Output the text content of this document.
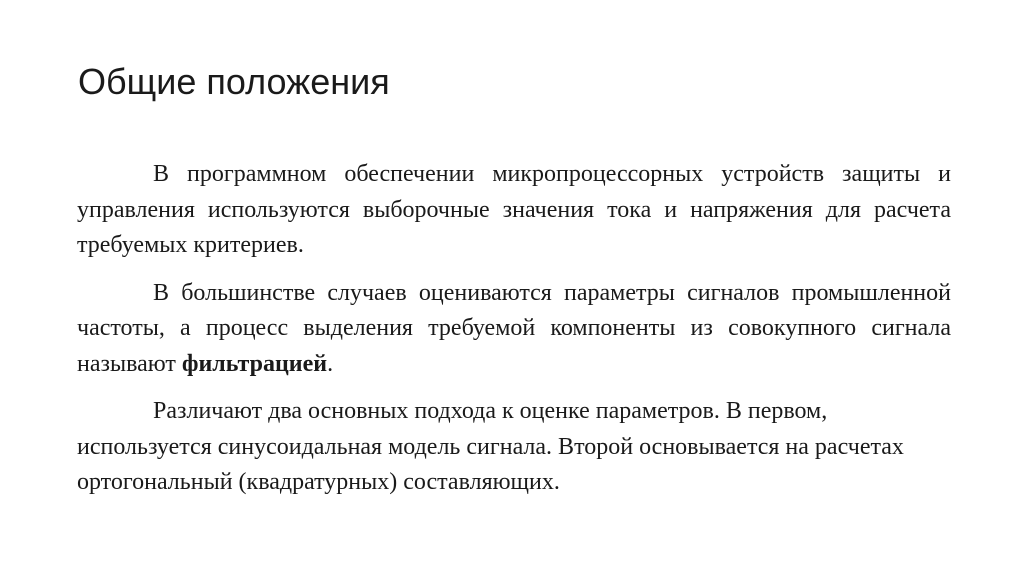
Общие положения

В программном обеспечении микропроцессорных устройств защиты и управления используются выборочные значения тока и напряжения для расчета требуемых критериев.

В большинстве случаев оцениваются параметры сигналов промышленной частоты, а процесс выделения требуемой компоненты из совокупного сигнала называют фильтрацией.

Различают два основных подхода к оценке параметров. В первом, используется синусоидальная модель сигнала. Второй основывается на расчетах ортогональный (квадратурных) составляющих.
